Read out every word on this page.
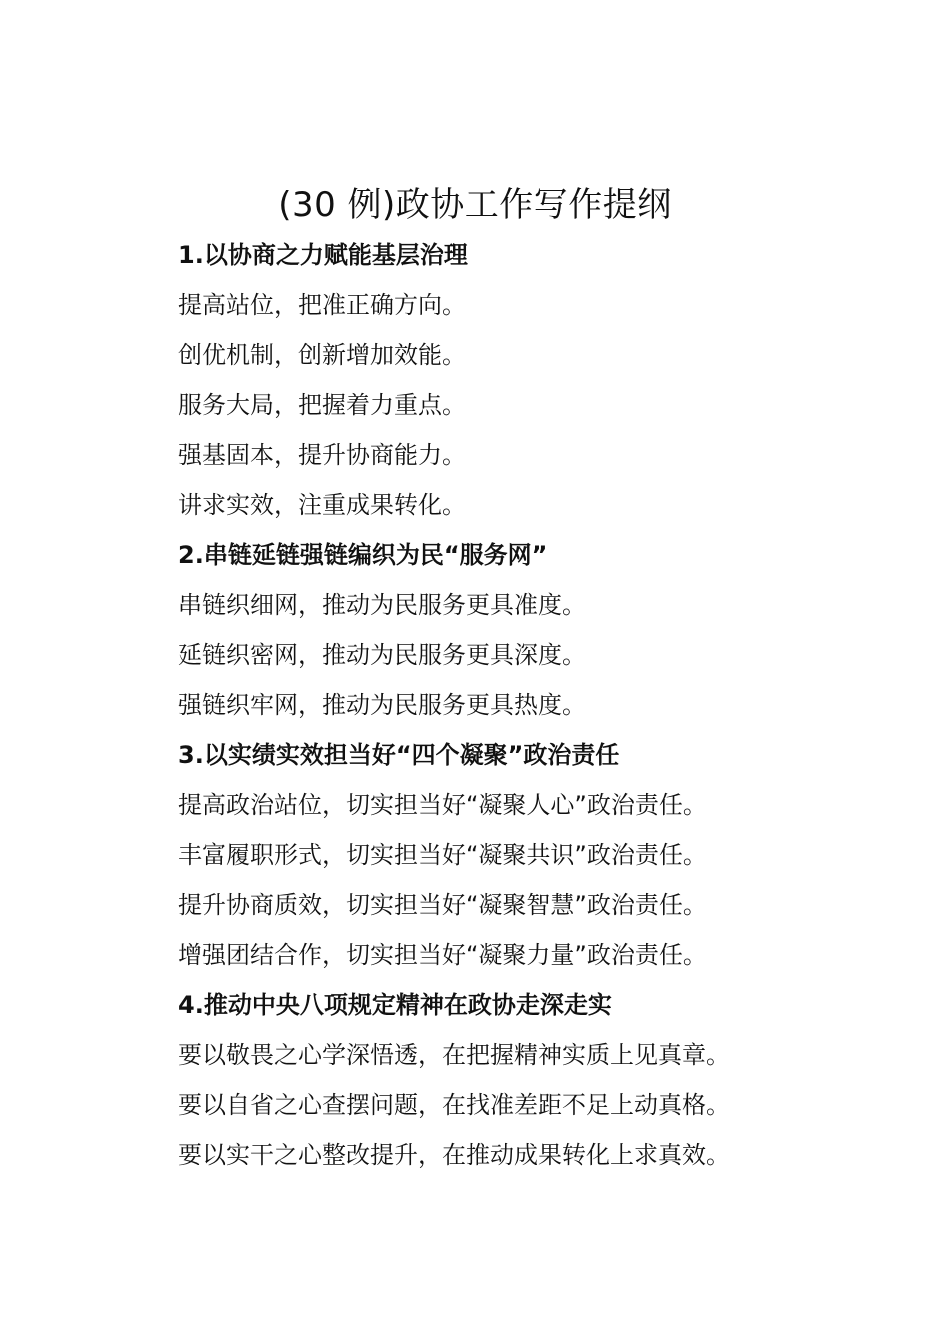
(30 例)政协工作写作提纲
1.以协商之力赋能基层治理

提高站位，把准正确方向。

创优机制，创新增加效能。

服务大局，把握着力重点。

强基固本，提升协商能力。

讲求实效，注重成果转化。

2.串链延链强链编织为民“服务网”

串链织细网，推动为民服务更具准度。

延链织密网，推动为民服务更具深度。

强链织牢网，推动为民服务更具热度。

3.以实绩实效担当好“四个凝聚”政治责任

提高政治站位，切实担当好“凝聚人心”政治责任。

丰富履职形式，切实担当好“凝聚共识”政治责任。

提升协商质效，切实担当好“凝聚智慧”政治责任。

增强团结合作，切实担当好“凝聚力量”政治责任。

4.推动中央八项规定精神在政协走深走实

要以敬畏之心学深悟透，在把握精神实质上见真章。

要以自省之心查摆问题，在找准差距不足上动真格。

要以实干之心整改提升，在推动成果转化上求真效。
